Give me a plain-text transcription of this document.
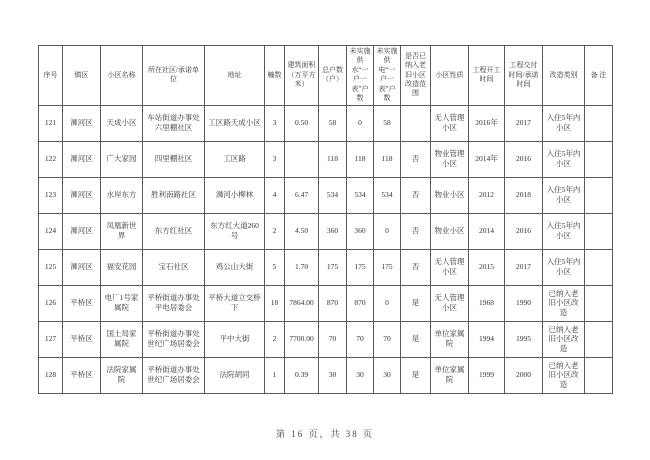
序号	镇区	小区名称	所在社区/承诺单位	地址	幢数	建筑面积（万平方米）	总户数（户）	未实施供水“一户一表”户数	未实施供电“一户一表”户数	是否已纳入老旧小区改造范围	小区性质	工程开工时间	工程交付时间/承诺时间	改造类别	备 注
121	浉河区	天成小区	车站街道办事处六里棚社区	工区路天成小区	3	0.50	58	0	58		无人管理小区	2016年	2017	入住5年内小区	
122	浉河区	广大家园	四里棚社区	工区路	3		118	118	118	否	物业管理小区	2014年	2016	入住5年内小区	
123	浉河区	水岸东方	胜利南路社区	浉河小柳林	4	6.47	534	534	534	否	物业小区	2012	2018	入住5年内小区	
124	浉河区	凤凰新世界	东方红社区	东方红大道260号	2	4.50	360	360	0	否	物业小区	2014	2016	入住5年内小区	
125	浉河区	福安花园	宝石社区	鸡公山大街	5	1.70	175	175	175	否	无人管理小区	2015	2017	入住5年内小区	
126	平桥区	电厂1号家属院	平桥街道办事处平电居委会	平桥大道立交桥下	18	7864.00	870	870	0	是	无人管理小区	1968	1990	已纳入老旧小区改造	
127	平桥区	国土局家属院	平桥街道办事处世纪广场居委会	平中大街	2	7700.00	70	70	70	是	单位家属院	1994	1995	已纳入老旧小区改造	
128	平桥区	法院家属院	平桥街道办事处世纪广场居委会	法院胡同	1	0.39	30	30	30	是	单位家属院	1999	2000	已纳入老旧小区改造	
第 16 页，共 38 页
